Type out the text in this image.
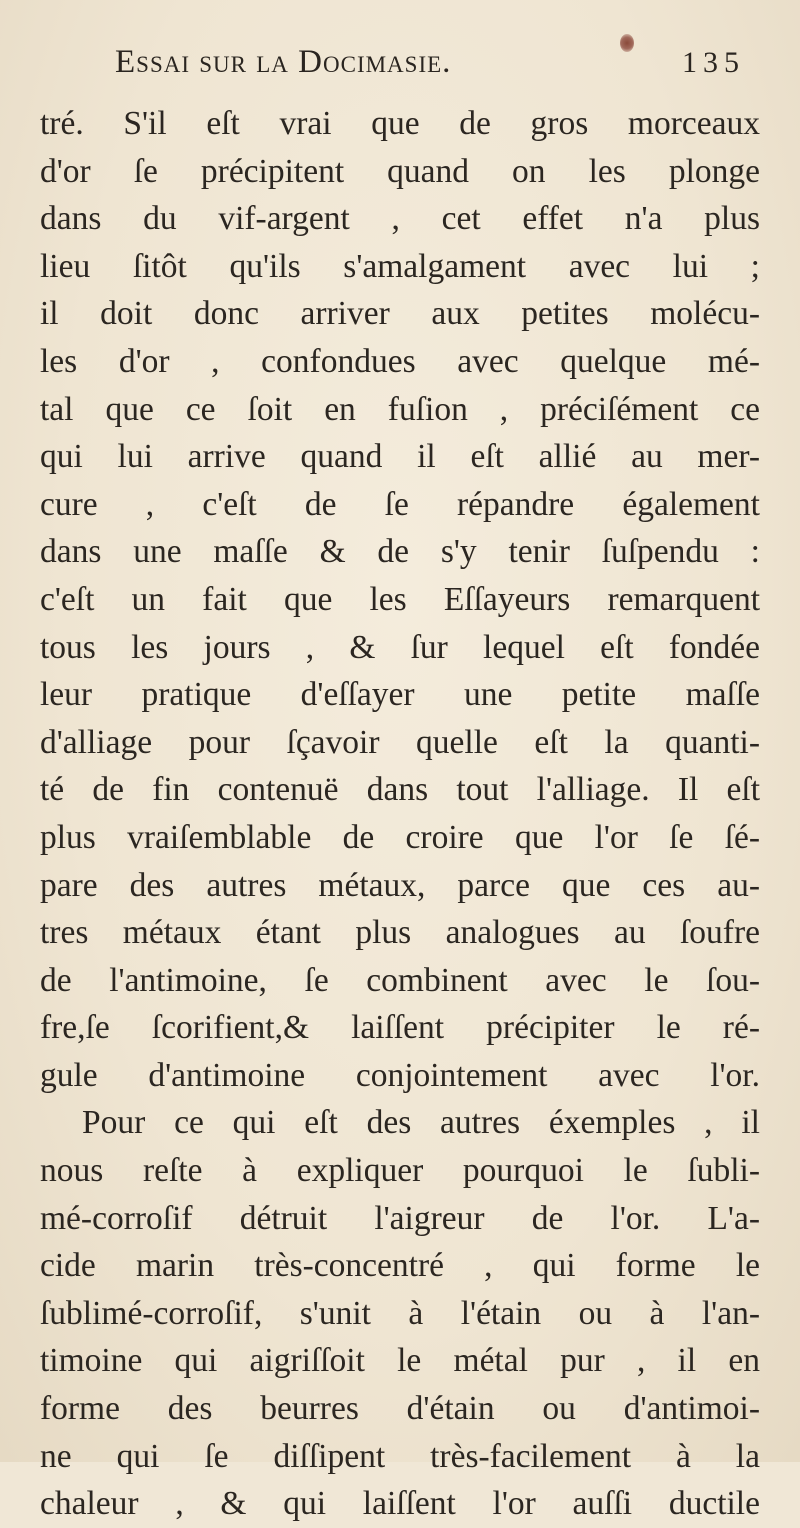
Essai sur la Docimasie.	135
tré. S'il eſt vrai que de gros morceaux
d'or ſe précipitent quand on les plonge
dans du vif-argent , cet effet n'a plus
lieu ſitôt qu'ils s'amalgament avec lui ;
il doit donc arriver aux petites molécu-
les d'or , confondues avec quelque mé-
tal que ce ſoit en fuſion , préciſément ce
qui lui arrive quand il eſt allié au mer-
cure , c'eſt de ſe répandre également
dans une maſſe & de s'y tenir ſuſpendu :
c'eſt un fait que les Eſſayeurs remarquent
tous les jours , & ſur lequel eſt fondée
leur pratique d'eſſayer une petite maſſe
d'alliage pour ſçavoir quelle eſt la quanti-
té de fin contenuë dans tout l'alliage. Il eſt
plus vraiſemblable de croire que l'or ſe ſé-
pare des autres métaux, parce que ces au-
tres métaux étant plus analogues au ſoufre
de l'antimoine, ſe combinent avec le ſou-
fre,ſe ſcorifient,& laiſſent précipiter le ré-
gule d'antimoine conjointement avec l'or.
Pour ce qui eſt des autres éxemples , il
nous reſte à expliquer pourquoi le ſubli-
mé-corroſif détruit l'aigreur de l'or. L'a-
cide marin très-concentré , qui forme le
ſublimé-corroſif, s'unit à l'étain ou à l'an-
timoine qui aigriſſoit le métal pur , il en
forme des beurres d'étain ou d'antimoi-
ne qui ſe diſſipent très-facilement à la
chaleur , & qui laiſſent l'or auſſi ductile
